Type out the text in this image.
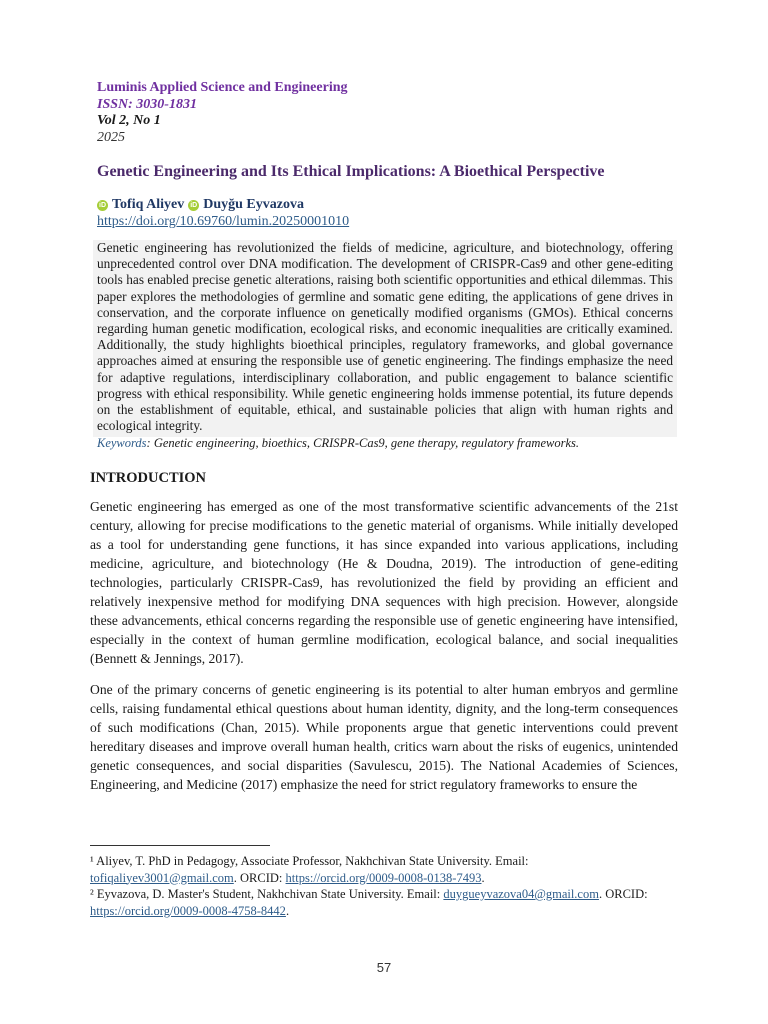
Luminis Applied Science and Engineering
ISSN: 3030-1831
Vol 2, No 1
2025
Genetic Engineering and Its Ethical Implications: A Bioethical Perspective
iD Tofiq Aliyev iD Duyğu Eyvazova
https://doi.org/10.69760/lumin.20250001010
Genetic engineering has revolutionized the fields of medicine, agriculture, and biotechnology, offering unprecedented control over DNA modification. The development of CRISPR-Cas9 and other gene-editing tools has enabled precise genetic alterations, raising both scientific opportunities and ethical dilemmas. This paper explores the methodologies of germline and somatic gene editing, the applications of gene drives in conservation, and the corporate influence on genetically modified organisms (GMOs). Ethical concerns regarding human genetic modification, ecological risks, and economic inequalities are critically examined. Additionally, the study highlights bioethical principles, regulatory frameworks, and global governance approaches aimed at ensuring the responsible use of genetic engineering. The findings emphasize the need for adaptive regulations, interdisciplinary collaboration, and public engagement to balance scientific progress with ethical responsibility. While genetic engineering holds immense potential, its future depends on the establishment of equitable, ethical, and sustainable policies that align with human rights and ecological integrity.
Keywords: Genetic engineering, bioethics, CRISPR-Cas9, gene therapy, regulatory frameworks.
INTRODUCTION
Genetic engineering has emerged as one of the most transformative scientific advancements of the 21st century, allowing for precise modifications to the genetic material of organisms. While initially developed as a tool for understanding gene functions, it has since expanded into various applications, including medicine, agriculture, and biotechnology (He & Doudna, 2019). The introduction of gene-editing technologies, particularly CRISPR-Cas9, has revolutionized the field by providing an efficient and relatively inexpensive method for modifying DNA sequences with high precision. However, alongside these advancements, ethical concerns regarding the responsible use of genetic engineering have intensified, especially in the context of human germline modification, ecological balance, and social inequalities (Bennett & Jennings, 2017).
One of the primary concerns of genetic engineering is its potential to alter human embryos and germline cells, raising fundamental ethical questions about human identity, dignity, and the long-term consequences of such modifications (Chan, 2015). While proponents argue that genetic interventions could prevent hereditary diseases and improve overall human health, critics warn about the risks of eugenics, unintended genetic consequences, and social disparities (Savulescu, 2015). The National Academies of Sciences, Engineering, and Medicine (2017) emphasize the need for strict regulatory frameworks to ensure the
¹ Aliyev, T. PhD in Pedagogy, Associate Professor, Nakhchivan State University. Email: tofiqaliyev3001@gmail.com. ORCID: https://orcid.org/0009-0008-0138-7493.
² Eyvazova, D. Master's Student, Nakhchivan State University. Email: duygueyvazova04@gmail.com. ORCID: https://orcid.org/0009-0008-4758-8442.
57
